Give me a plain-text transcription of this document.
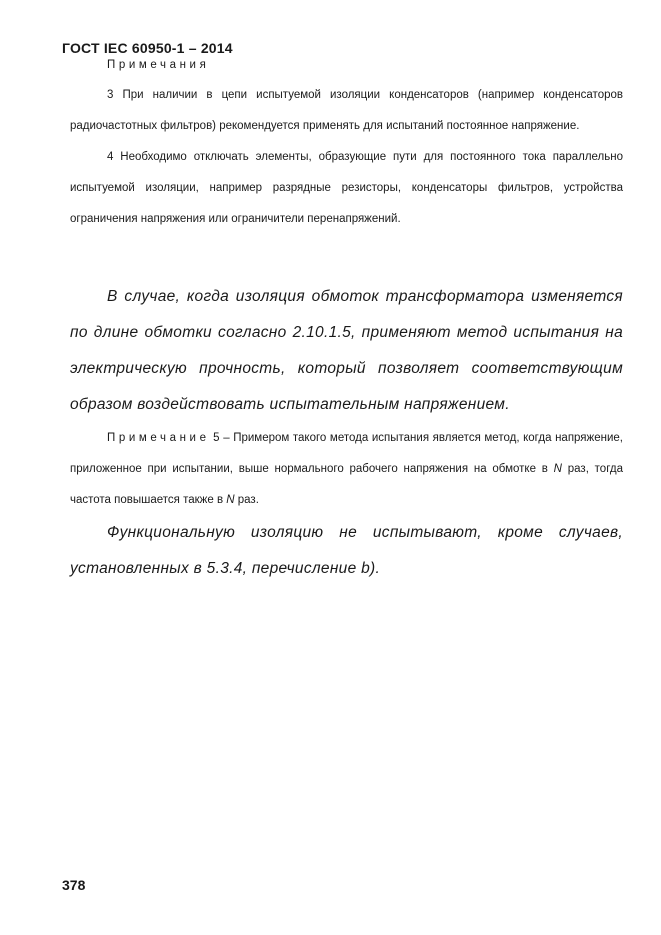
ГОСТ IEC 60950-1 – 2014
Примечания

3 При наличии в цепи испытуемой изоляции конденсаторов (например конденсаторов радиочастотных фильтров) рекомендуется применять для испытаний постоянное напряжение.

4 Необходимо отключать элементы, образующие пути для постоянного тока параллельно испытуемой изоляции, например разрядные резисторы, конденсаторы фильтров, устройства ограничения напряжения или ограничители перенапряжений.

В случае, когда изоляция обмоток трансформатора изменяется по длине обмотки согласно 2.10.1.5, применяют метод испытания на электрическую прочность, который позволяет соответствующим образом воздействовать испытательным напряжением.

Примечание 5 – Примером такого метода испытания является метод, когда напряжение, приложенное при испытании, выше нормального рабочего напряжения на обмотке в N раз, тогда частота повышается также в N раз.

Функциональную изоляцию не испытывают, кроме случаев, установленных в 5.3.4, перечисление b).

378
